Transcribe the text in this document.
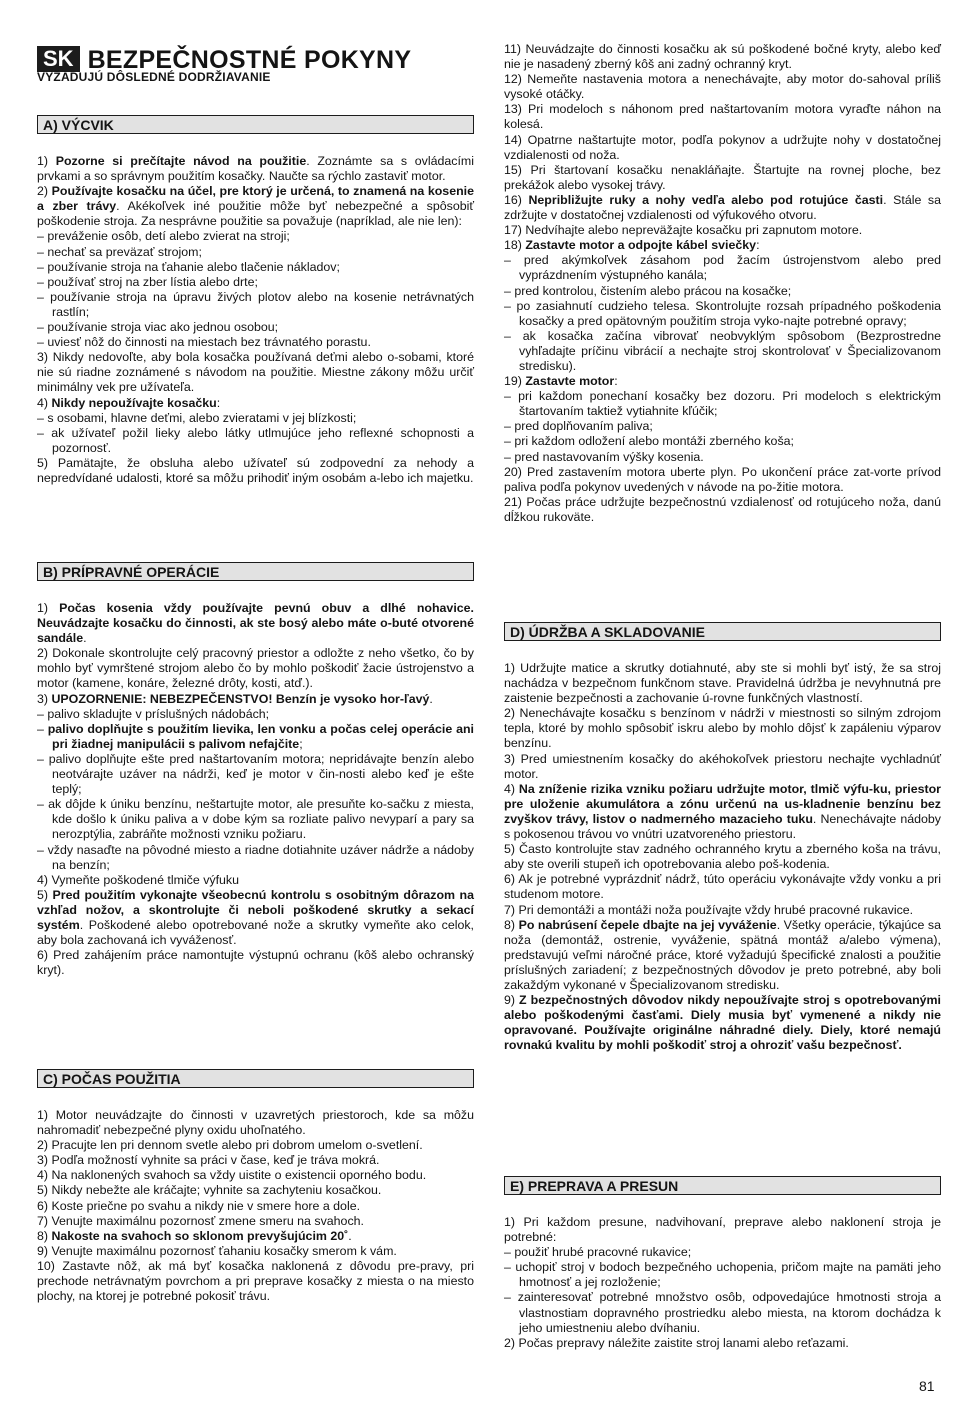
SK BEZPEČNOSTNÉ POKYNY
VYŽADUJÚ DÔSLEDNÉ DODRŽIAVANIE
A) VÝCVIK

1) Pozorne si prečítajte návod na použitie. Zoznámte sa s ovládacími prvkami a so správnym použitím kosačky. Naučte sa rýchlo zastaviť motor.

2) Používajte kosačku na účel, pre ktorý je určená, to znamená na kosenie a zber trávy. Akékoľvek iné použitie môže byť nebezpečné a spôsobiť poškodenie stroja. Za nesprávne použitie sa považuje (napríklad, ale nie len):

– preváženie osôb, detí alebo zvierat na stroji;

– nechať sa preväzať strojom;

– používanie stroja na ťahanie alebo tlačenie nákladov;

– používať stroj na zber lístia alebo drte;

– používanie stroja na úpravu živých plotov alebo na kosenie netrávnatých rastlín;

– používanie stroja viac ako jednou osobou;

– uviesť nôž do činnosti na miestach bez trávnatého porastu.

3) Nikdy nedovoľte, aby bola kosačka používaná deťmi alebo o-sobami, ktoré nie sú riadne zoznámené s návodom na použitie. Miestne zákony môžu určiť minimálny vek pre užívateľa.

4) Nikdy nepoužívajte kosačku:

– s osobami, hlavne deťmi, alebo zvieratami v jej blízkosti;

– ak užívateľ požil lieky alebo látky utlmujúce jeho reflexné schopnosti a pozornosť.

5) Pamätajte, že obsluha alebo užívateľ sú zodpovední za nehody a nepredvídané udalosti, ktoré sa môžu prihodiť iným osobám a-lebo ich majetku.

B) PRÍPRAVNÉ OPERÁCIE

1) Počas kosenia vždy používajte pevnú obuv a dlhé nohavice. Neuvádzajte kosačku do činnosti, ak ste bosý alebo máte o-buté otvorené sandále.

2) Dokonale skontrolujte celý pracovný priestor a odložte z neho všetko, čo by mohlo byť vymrštené strojom alebo čo by mohlo poškodiť žacie ústrojenstvo a motor (kamene, konáre, železné drôty, kosti, atď.).

3) UPOZORNENIE: NEBEZPEČENSTVO! Benzín je vysoko hor-ľavý.

– palivo skladujte v príslušných nádobách;

– palivo doplňujte s použitím lievika, len vonku a počas celej operácie ani pri žiadnej manipulácii s palivom nefajčite;

– palivo doplňujte ešte pred naštartovaním motora; nepridávajte benzín alebo neotvárajte uzáver na nádrži, keď je motor v čin-nosti alebo keď je ešte teplý;

– ak dôjde k úniku benzínu, neštartujte motor, ale presuňte ko-sačku z miesta, kde došlo k úniku paliva a v dobe kým sa rozliate palivo nevyparí a pary sa nerozptýlia, zabráňte možnosti vzniku požiaru.

– vždy nasaďte na pôvodné miesto a riadne dotiahnite uzáver nádrže a nádoby na benzín;

4) Vymeňte poškodené tlmiče výfuku

5) Pred použitím vykonajte všeobecnú kontrolu s osobitným dôrazom na vzhľad nožov, a skontrolujte či neboli poškodené skrutky a sekací systém. Poškodené alebo opotrebované nože a skrutky vymeňte ako celok, aby bola zachovaná ich vyváženosť.

6) Pred zahájením práce namontujte výstupnú ochranu (kôš alebo ochranský kryt).

C) POČAS POUŽITIA

1) Motor neuvádzajte do činnosti v uzavretých priestoroch, kde sa môžu nahromadiť nebezpečné plyny oxidu uhoľnatého.

2) Pracujte len pri dennom svetle alebo pri dobrom umelom o-svetlení.

3) Podľa možností vyhnite sa práci v čase, keď je tráva mokrá.

4) Na naklonených svahoch sa vždy uistite o existencii oporného bodu.

5) Nikdy nebežte ale kráčajte; vyhnite sa zachyteniu kosačkou.

6) Koste priečne po svahu a nikdy nie v smere hore a dole.

7) Venujte maximálnu pozornosť zmene smeru na svahoch.

8) Nakoste na svahoch so sklonom prevyšujúcim 20˚.

9) Venujte maximálnu pozornosť ťahaniu kosačky smerom k vám.

10) Zastavte nôž, ak má byť kosačka naklonená z dôvodu pre-pravy, pri prechode netrávnatým povrchom a pri preprave kosačky z miesta o na miesto plochy, na ktorej je potrebné pokosiť trávu.

11) Neuvádzajte do činnosti kosačku ak sú poškodené bočné kryty, alebo keď nie je nasadený zberný kôš ani zadný ochranný kryt.

12) Nemeňte nastavenia motora a nenechávajte, aby motor do-sahoval príliš vysoké otáčky.

13) Pri modeloch s náhonom pred naštartovaním motora vyraďte náhon na kolesá.

14) Opatrne naštartujte motor, podľa pokynov a udržujte nohy v dostatočnej vzdialenosti od noža.

15) Pri štartovaní kosačku nenakláňajte. Štartujte na rovnej ploche, bez prekážok alebo vysokej trávy.

16) Nepribližujte ruky a nohy vedľa alebo pod rotujúce časti. Stále sa zdržujte v dostatočnej vzdialenosti od výfukového otvoru.

17) Nedvíhajte alebo nepreväžajte kosačku pri zapnutom motore.

18) Zastavte motor a odpojte kábel sviečky:

– pred akýmkoľvek zásahom pod žacím ústrojenstvom alebo pred vyprázdnením výstupného kanála;

– pred kontrolou, čistením alebo prácou na kosačke;

– po zasiahnutí cudzieho telesa. Skontrolujte rozsah prípadného poškodenia kosačky a pred opätovným použitím stroja vyko-najte potrebné opravy;

– ak kosačka začína vibrovať neobvyklým spôsobom (Bezprostredne vyhľadajte príčinu vibrácií a nechajte stroj skontrolovať v Špecializovanom stredisku).

19) Zastavte motor:

– pri každom ponechaní kosačky bez dozoru. Pri modeloch s elektrickým štartovaním taktiež vytiahnite kľúčik;

– pred doplňovaním paliva;

– pri každom odložení alebo montáži zberného koša;

– pred nastavovaním výšky kosenia.

20) Pred zastavením motora uberte plyn. Po ukončení práce zat-vorte prívod paliva podľa pokynov uvedených v návode na po-žitie motora.

21) Počas práce udržujte bezpečnostnú vzdialenosť od rotujúceho noža, danú dĺžkou rukoväte.

D) ÚDRŽBA A SKLADOVANIE

1) Udržujte matice a skrutky dotiahnuté, aby ste si mohli byť istý, že sa stroj nachádza v bezpečnom funkčnom stave. Pravidelná údržba je nevyhnutná pre zaistenie bezpečnosti a zachovanie ú-rovne funkčných vlastností.

2) Nenechávajte kosačku s benzínom v nádrži v miestnosti so silným zdrojom tepla, ktoré by mohlo spôsobiť iskru alebo by mohlo dôjsť k zapáleniu výparov benzínu.

3) Pred umiestnením kosačky do akéhokoľvek priestoru nechajte vychladnúť motor.

4) Na zníženie rizika vzniku požiaru udržujte motor, tlmič výfu-ku, priestor pre uloženie akumulátora a zónu určenú na us-kladnenie benzínu bez zvyškov trávy, listov o nadmerného mazacieho tuku. Nenechávajte nádoby s pokosenou trávou vo vnútri uzatvoreného priestoru.

5) Často kontrolujte stav zadného ochranného krytu a zberného koša na trávu, aby ste overili stupeň ich opotrebovania alebo poš-kodenia.

6) Ak je potrebné vyprázdniť nádrž, túto operáciu vykonávajte vždy vonku a pri studenom motore.

7) Pri demontáži a montáži noža používajte vždy hrubé pracovné rukavice.

8) Po nabrúsení čepele dbajte na jej vyváženie. Všetky operácie, týkajúce sa noža (demontáž, ostrenie, vyváženie, spätná montáž a/alebo výmena), predstavujú veľmi náročné práce, ktoré vyžadujú špecifické znalosti a použitie príslušných zariadení; z bezpečnostných dôvodov je preto potrebné, aby boli zakaždým vykonané v Špecializovanom stredisku.

9) Z bezpečnostných dôvodov nikdy nepoužívajte stroj s opotrebovanými alebo poškodenými časťami. Diely musia byť vymenené a nikdy nie opravované. Používajte originálne náhradné diely. Diely, ktoré nemajú rovnakú kvalitu by mohli poškodiť stroj a ohroziť vašu bezpečnosť.

E) PREPRAVA A PRESUN

1) Pri každom presune, nadvihovaní, preprave alebo naklonení stroja je potrebné:

– použiť hrubé pracovné rukavice;

– uchopiť stroj v bodoch bezpečného uchopenia, pričom majte na pamäti jeho hmotnosť a jej rozloženie;

– zainteresovať potrebné množstvo osôb, odpovedajúce hmotnosti stroja a vlastnostiam dopravného prostriedku alebo miesta, na ktorom dochádza k jeho umiestneniu alebo dvíhaniu.

2) Počas prepravy náležite zaistite stroj lanami alebo reťazami.

81
